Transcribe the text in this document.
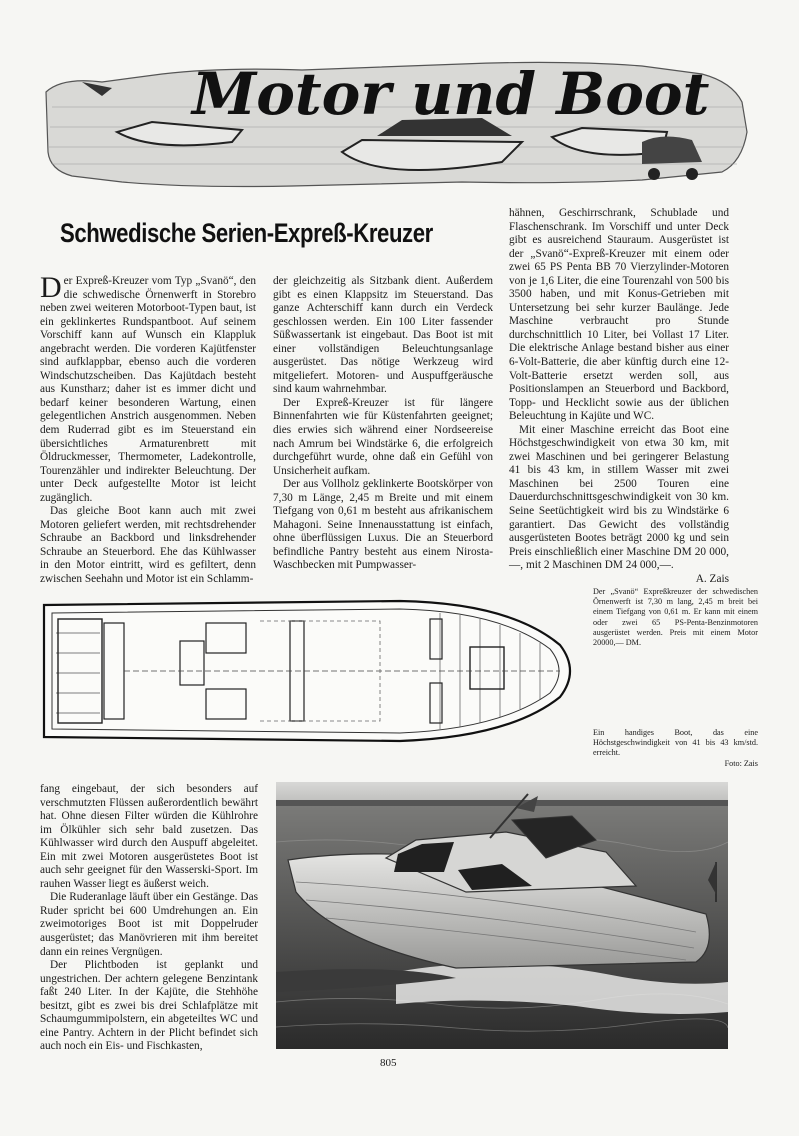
Motor und Boot
Schwedische Serien-Expreß-Kreuzer

Der Expreß-Kreuzer vom Typ „Svanö“, den die schwedische Örnenwerft in Storebro neben zwei weiteren Motorboot-Typen baut, ist ein geklinkertes Rundspantboot. Auf seinem Vorschiff kann auf Wunsch ein Klappluk angebracht werden. Die vorderen Kajütfenster sind aufklappbar, ebenso auch die vorderen Windschutzscheiben. Das Kajütdach besteht aus Kunstharz; daher ist es immer dicht und bedarf keiner besonderen Wartung, einen gelegentlichen Anstrich ausgenommen. Neben dem Ruderrad gibt es im Steuerstand ein übersichtliches Armaturenbrett mit Öldruckmesser, Thermometer, Ladekontrolle, Tourenzähler und indirekter Beleuchtung. Der unter Deck aufgestellte Motor ist leicht zugänglich.

Das gleiche Boot kann auch mit zwei Motoren geliefert werden, mit rechtsdrehender Schraube an Backbord und linksdrehender Schraube an Steuerbord. Ehe das Kühlwasser in den Motor eintritt, wird es gefiltert, denn zwischen Seehahn und Motor ist ein Schlamm-

der gleichzeitig als Sitzbank dient. Außerdem gibt es einen Klappsitz im Steuerstand. Das ganze Achterschiff kann durch ein Verdeck geschlossen werden. Ein 100 Liter fassender Süßwassertank ist eingebaut. Das Boot ist mit einer vollständigen Beleuchtungsanlage ausgerüstet. Das nötige Werkzeug wird mitgeliefert. Motoren- und Auspuffgeräusche sind kaum wahrnehmbar.

Der Expreß-Kreuzer ist für längere Binnenfahrten wie für Küstenfahrten geeignet; dies erwies sich während einer Nordseereise nach Amrum bei Windstärke 6, die erfolgreich durchgeführt wurde, ohne daß ein Gefühl von Unsicherheit aufkam.

Der aus Vollholz geklinkerte Bootskörper von 7,30 m Länge, 2,45 m Breite und mit einem Tiefgang von 0,61 m besteht aus afrikanischem Mahagoni. Seine Innenausstattung ist einfach, ohne überflüssigen Luxus. Die an Steuerbord befindliche Pantry besteht aus einem Nirosta-Waschbecken mit Pumpwasser-

hähnen, Geschirrschrank, Schublade und Flaschenschrank. Im Vorschiff und unter Deck gibt es ausreichend Stauraum. Ausgerüstet ist der „Svanö“-Expreß-Kreuzer mit einem oder zwei 65 PS Penta BB 70 Vierzylinder-Motoren von je 1,6 Liter, die eine Tourenzahl von 500 bis 3500 haben, und mit Konus-Getrieben mit Untersetzung bei sehr kurzer Baulänge. Jede Maschine verbraucht pro Stunde durchschnittlich 10 Liter, bei Vollast 17 Liter. Die elektrische Anlage bestand bisher aus einer 6-Volt-Batterie, die aber künftig durch eine 12-Volt-Batterie ersetzt werden soll, aus Positionslampen an Steuerbord und Backbord, Topp- und Hecklicht sowie aus der üblichen Beleuchtung in Kajüte und WC.

Mit einer Maschine erreicht das Boot eine Höchstgeschwindigkeit von etwa 30 km, mit zwei Maschinen und bei geringerer Belastung 41 bis 43 km, in stillem Wasser mit zwei Maschinen bei 2500 Touren eine Dauerdurchschnittsgeschwindigkeit von 30 km. Seine Seetüchtigkeit wird bis zu Windstärke 6 garantiert. Das Gewicht des vollständig ausgerüsteten Bootes beträgt 2000 kg und sein Preis einschließlich einer Maschine DM 20 000,—, mit 2 Maschinen DM 24 000,—.

A. Zais
Der „Svanö“ Expreßkreuzer der schwedischen Örnenwerft ist 7,30 m lang, 2,45 m breit bei einem Tiefgang von 0,61 m. Er kann mit einem oder zwei 65 PS-Penta-Benzinmotoren ausgerüstet werden. Preis mit einem Motor 20000,— DM.
Ein handiges Boot, das eine Höchstgeschwindigkeit von 41 bis 43 km/std. erreicht.
Foto: Zais

fang eingebaut, der sich besonders auf verschmutzten Flüssen außerordentlich bewährt hat. Ohne diesen Filter würden die Kühlrohre im Ölkühler sich sehr bald zusetzen. Das Kühlwasser wird durch den Auspuff abgeleitet. Ein mit zwei Motoren ausgerüstetes Boot ist auch sehr geeignet für den Wasserski-Sport. Im rauhen Wasser liegt es äußerst weich.

Die Ruderanlage läuft über ein Gestänge. Das Ruder spricht bei 600 Umdrehungen an. Ein zweimotoriges Boot ist mit Doppelruder ausgerüstet; das Manövrieren mit ihm bereitet dann ein reines Vergnügen.

Der Plichtboden ist geplankt und ungestrichen. Der achtern gelegene Benzintank faßt 240 Liter. In der Kajüte, die Stehhöhe besitzt, gibt es zwei bis drei Schlafplätze mit Schaumgummipolstern, ein abgeteiltes WC und eine Pantry. Achtern in der Plicht befindet sich auch noch ein Eis- und Fischkasten,

805
